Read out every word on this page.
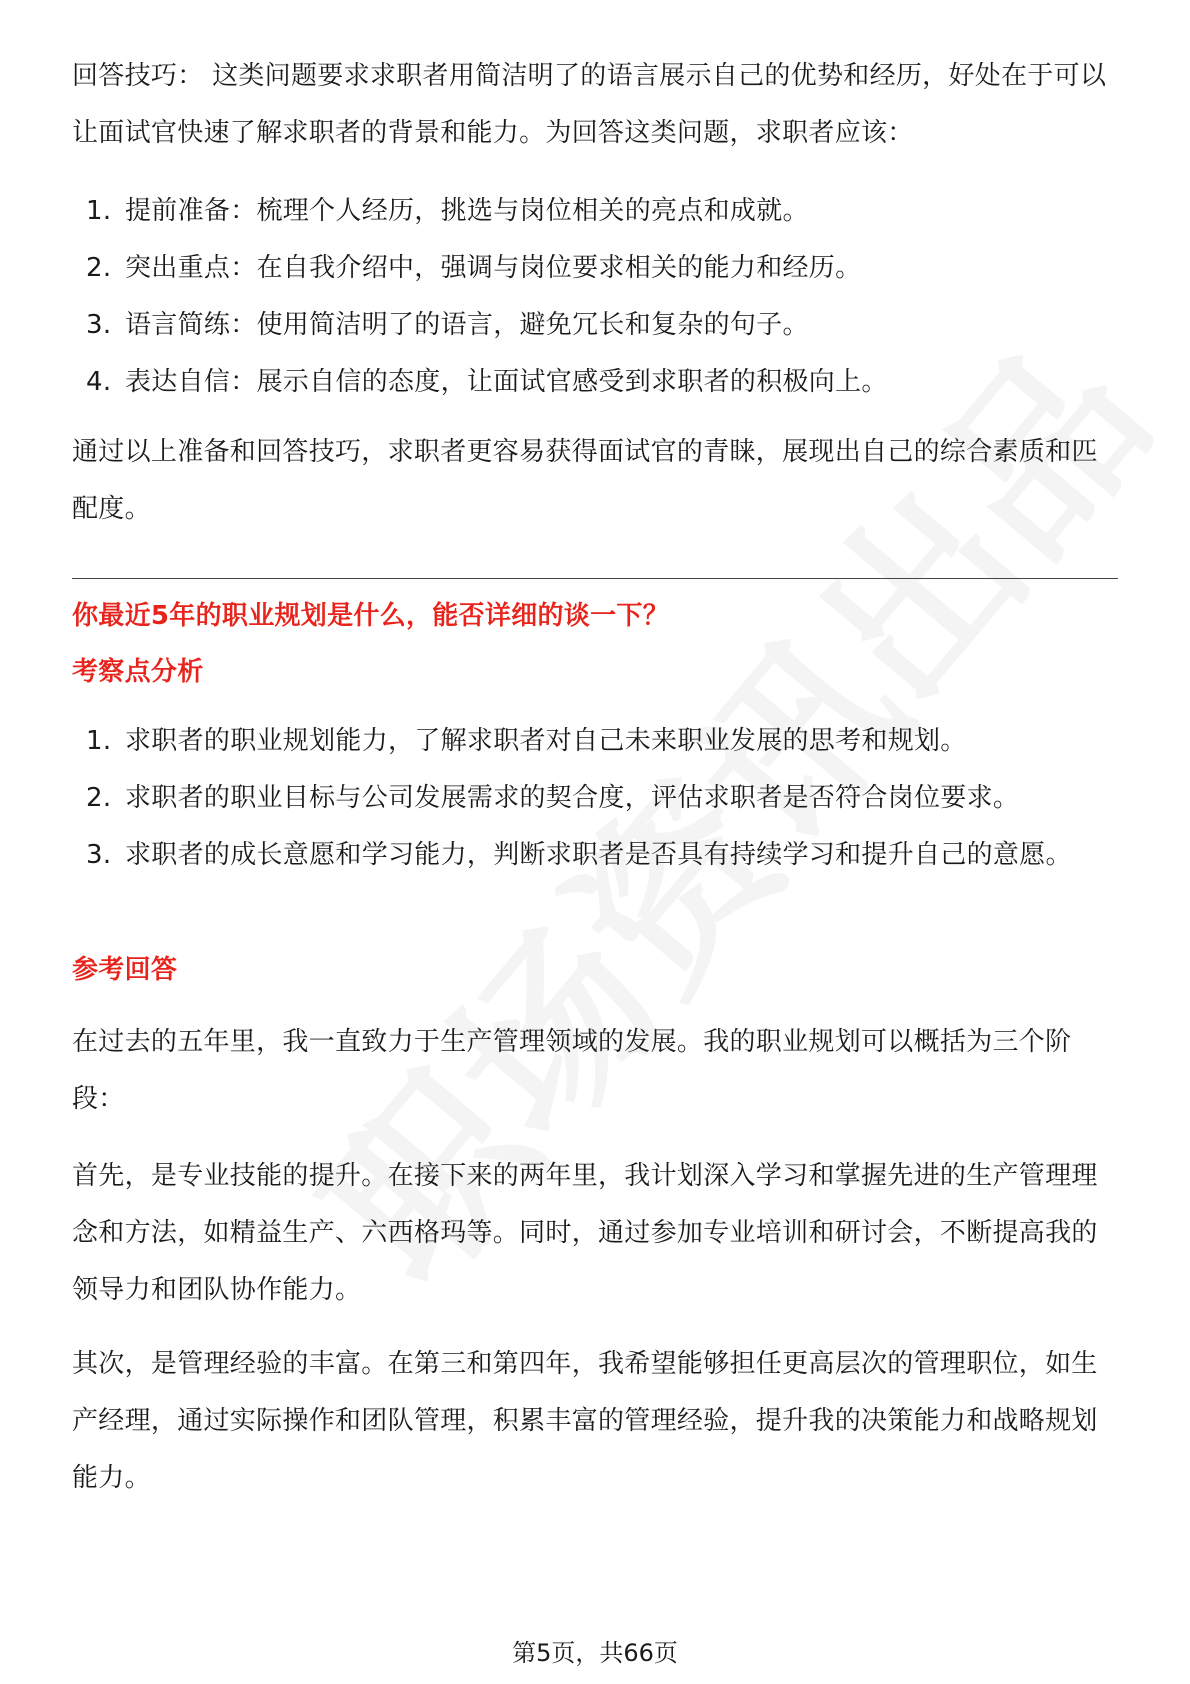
回答技巧： 这类问题要求求职者用简洁明了的语言展示自己的优势和经历，好处在于可以让面试官快速了解求职者的背景和能力。为回答这类问题，求职者应该：

1. 提前准备：梳理个人经历，挑选与岗位相关的亮点和成就。
2. 突出重点：在自我介绍中，强调与岗位要求相关的能力和经历。
3. 语言简练：使用简洁明了的语言，避免冗长和复杂的句子。
4. 表达自信：展示自信的态度，让面试官感受到求职者的积极向上。

通过以上准备和回答技巧，求职者更容易获得面试官的青睐，展现出自己的综合素质和匹配度。

你最近5年的职业规划是什么，能否详细的谈一下？

考察点分析

1. 求职者的职业规划能力，了解求职者对自己未来职业发展的思考和规划。
2. 求职者的职业目标与公司发展需求的契合度，评估求职者是否符合岗位要求。
3. 求职者的成长意愿和学习能力，判断求职者是否具有持续学习和提升自己的意愿。

参考回答

在过去的五年里，我一直致力于生产管理领域的发展。我的职业规划可以概括为三个阶段：

首先，是专业技能的提升。在接下来的两年里，我计划深入学习和掌握先进的生产管理理念和方法，如精益生产、六西格玛等。同时，通过参加专业培训和研讨会，不断提高我的领导力和团队协作能力。

其次，是管理经验的丰富。在第三和第四年，我希望能够担任更高层次的管理职位，如生产经理，通过实际操作和团队管理，积累丰富的管理经验，提升我的决策能力和战略规划能力。

第5页，共66页
